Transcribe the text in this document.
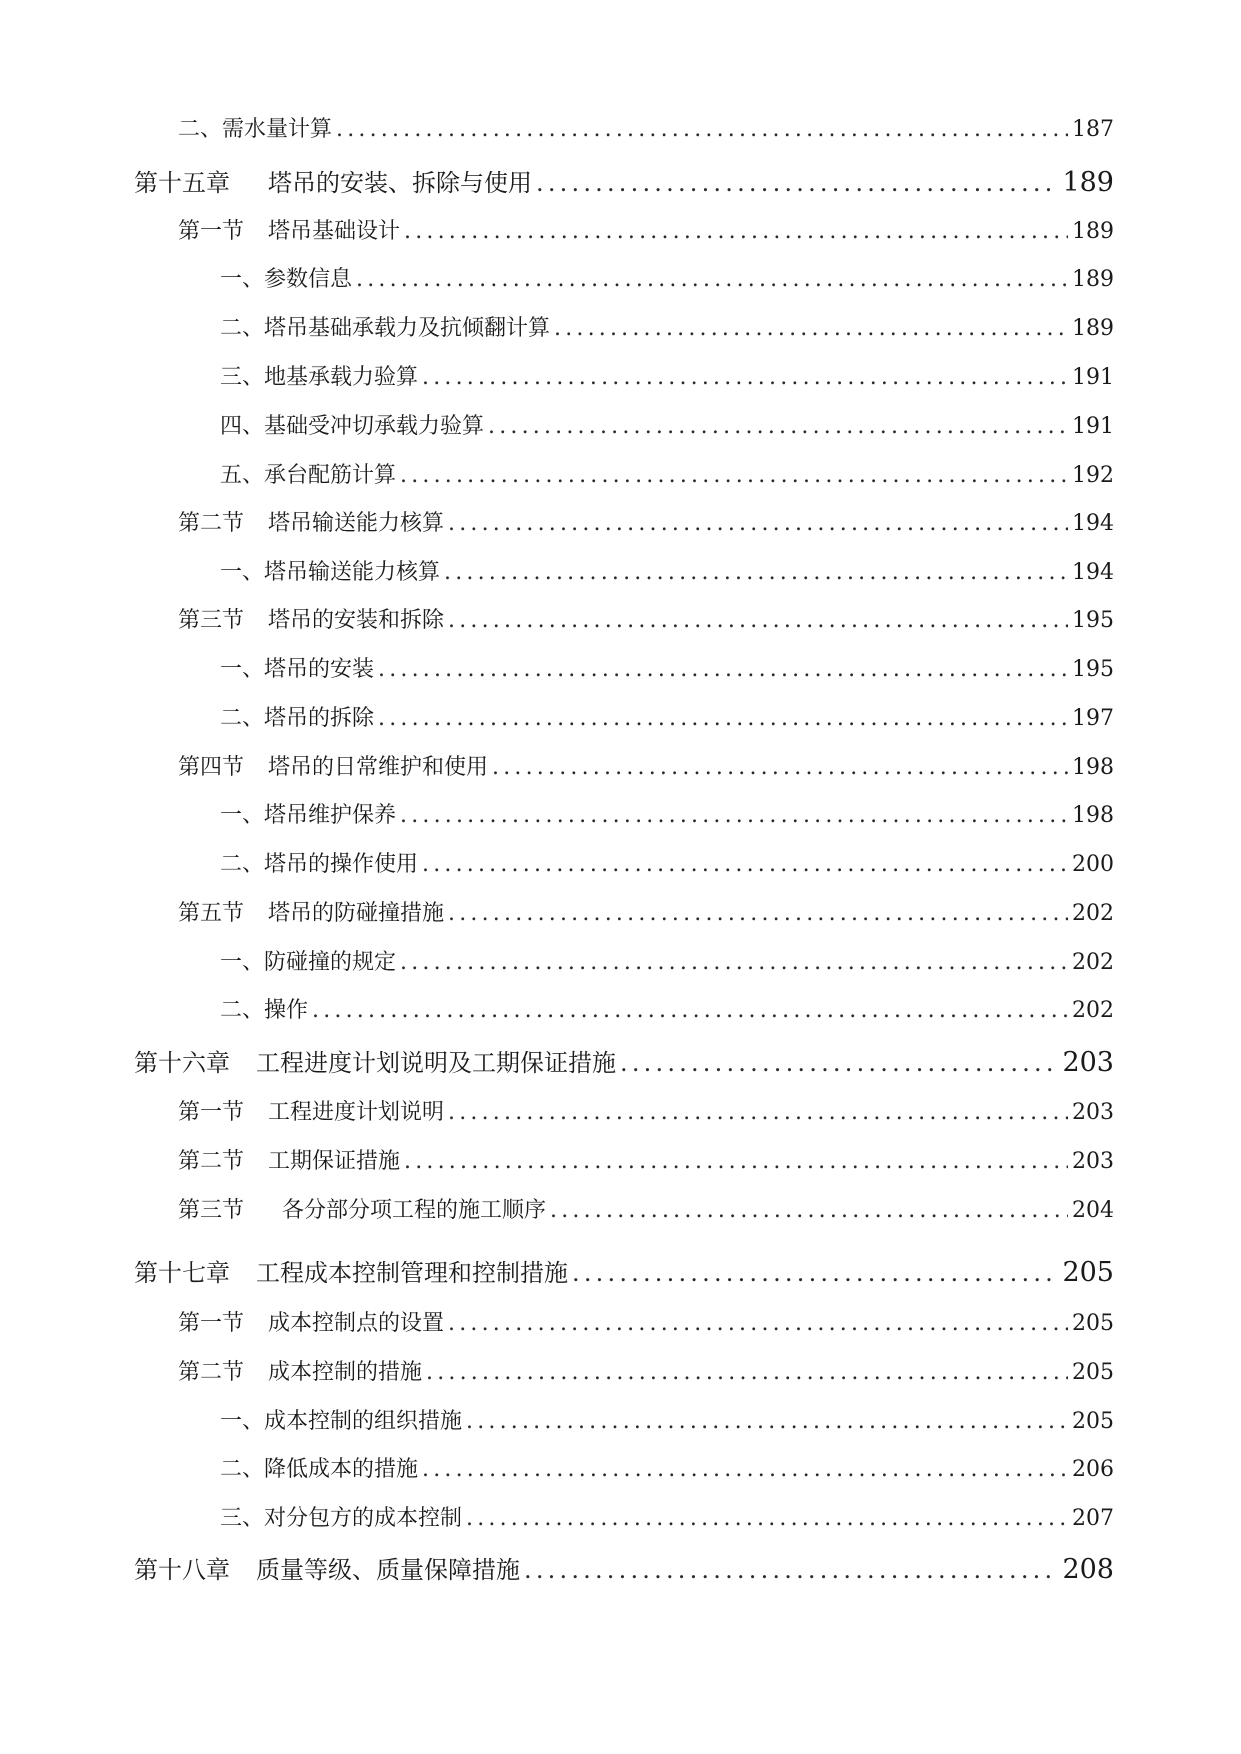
二、需水量计算 .....	187
第十五章 塔吊的安装、拆除与使用 .....	189
第一节 塔吊基础设计 .....	189
一、参数信息 .....	189
二、塔吊基础承载力及抗倾翻计算 .....	189
三、地基承载力验算 .....	191
四、基础受冲切承载力验算 .....	191
五、承台配筋计算 .....	192
第二节 塔吊输送能力核算 .....	194
一、塔吊输送能力核算 .....	194
第三节 塔吊的安装和拆除 .....	195
一、塔吊的安装 .....	195
二、塔吊的拆除 .....	197
第四节 塔吊的日常维护和使用 .....	198
一、塔吊维护保养 .....	198
二、塔吊的操作使用 .....	200
第五节 塔吊的防碰撞措施 .....	202
一、防碰撞的规定 .....	202
二、操作 .....	202
第十六章 工程进度计划说明及工期保证措施 .....	203
第一节 工程进度计划说明 .....	203
第二节 工期保证措施 .....	203
第三节 各分部分项工程的施工顺序 .....	204
第十七章 工程成本控制管理和控制措施 .....	205
第一节 成本控制点的设置 .....	205
第二节 成本控制的措施 .....	205
一、成本控制的组织措施 .....	205
二、降低成本的措施 .....	206
三、对分包方的成本控制 .....	207
第十八章 质量等级、质量保障措施 .....	208
